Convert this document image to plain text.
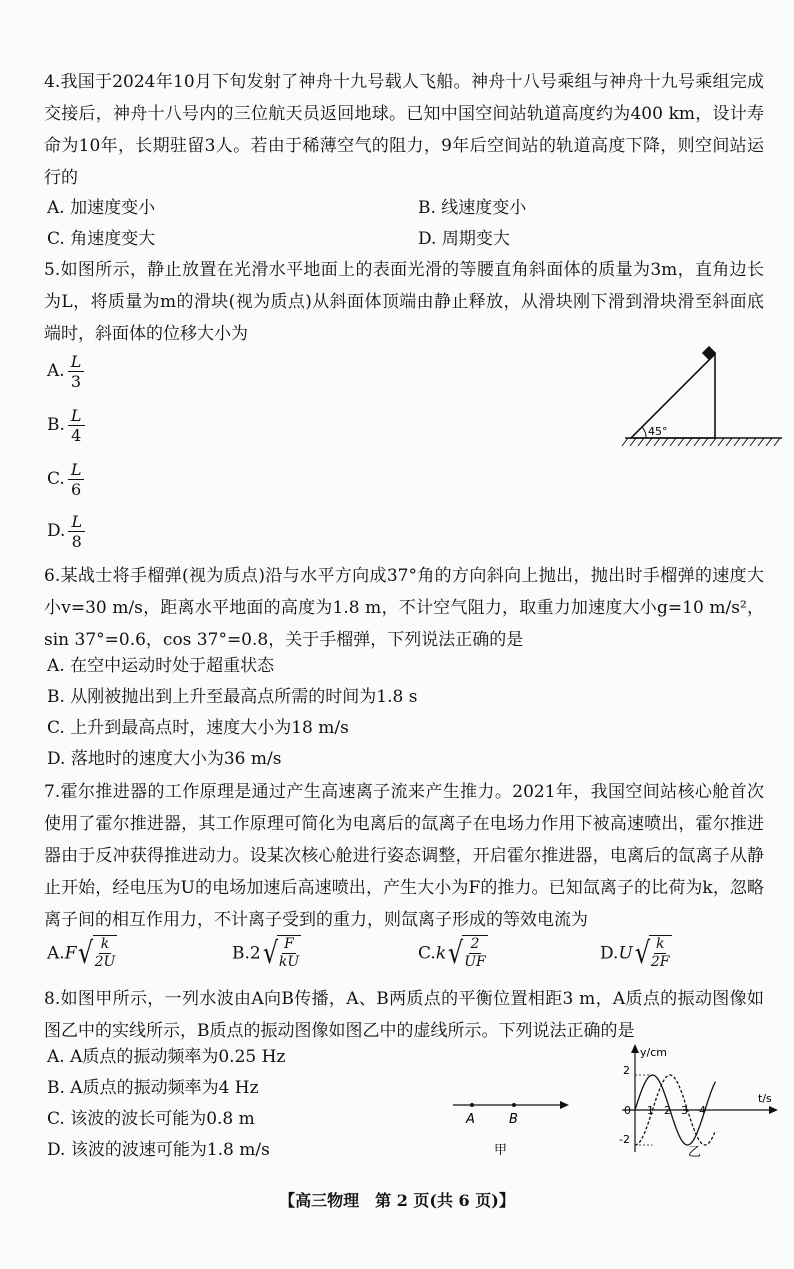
4.我国于2024年10月下旬发射了神舟十九号载人飞船。神舟十八号乘组与神舟十九号乘组完成交接后，神舟十八号内的三位航天员返回地球。已知中国空间站轨道高度约为400 km，设计寿命为10年，长期驻留3人。若由于稀薄空气的阻力，9年后空间站的轨道高度下降，则空间站运行的

A. 加速度变小	B. 线速度变小
C. 角速度变大	D. 周期变大

5.如图所示，静止放置在光滑水平地面上的表面光滑的等腰直角斜面体的质量为3m，直角边长为L，将质量为m的滑块(视为质点)从斜面体顶端由静止释放，从滑块刚下滑到滑块滑至斜面底端时，斜面体的位移大小为

A. $\frac{L}{3}$
B. $\frac{L}{4}$
C. $\frac{L}{6}$
D. $\frac{L}{8}$
45°

6.某战士将手榴弹(视为质点)沿与水平方向成37°角的方向斜向上抛出，抛出时手榴弹的速度大小v=30 m/s，距离水平地面的高度为1.8 m，不计空气阻力，取重力加速度大小g=10 m/s²，sin 37°=0.6，cos 37°=0.8，关于手榴弹，下列说法正确的是

A. 在空中运动时处于超重状态
B. 从刚被抛出到上升至最高点所需的时间为1.8 s
C. 上升到最高点时，速度大小为18 m/s
D. 落地时的速度大小为36 m/s

7.霍尔推进器的工作原理是通过产生高速离子流来产生推力。2021年，我国空间站核心舱首次使用了霍尔推进器，其工作原理可简化为电离后的氙离子在电场力作用下被高速喷出，霍尔推进器由于反冲获得推进动力。设某次核心舱进行姿态调整，开启霍尔推进器，电离后的氙离子从静止开始，经电压为U的电场加速后高速喷出，产生大小为F的推力。已知氙离子的比荷为k，忽略离子间的相互作用力，不计离子受到的重力，则氙离子形成的等效电流为

A.F √
$\frac{k}{2U}$	B.2 √
$\frac{F}{kU}$	C.k √
$\frac{2}{UF}$	D.U √
$\frac{k}{2F}$

8.如图甲所示，一列水波由A向B传播，A、B两质点的平衡位置相距3 m，A质点的振动图像如图乙中的实线所示，B质点的振动图像如图乙中的虚线所示。下列说法正确的是

A. A质点的振动频率为0.25 Hz
B. A质点的振动频率为4 Hz
C. 该波的波长可能为0.8 m
D. 该波的波速可能为1.8 m/s
A	B
甲
y/cm
t/s
2
-2
0 1 2 3 4
乙
【高三物理　第 2 页(共 6 页)】
